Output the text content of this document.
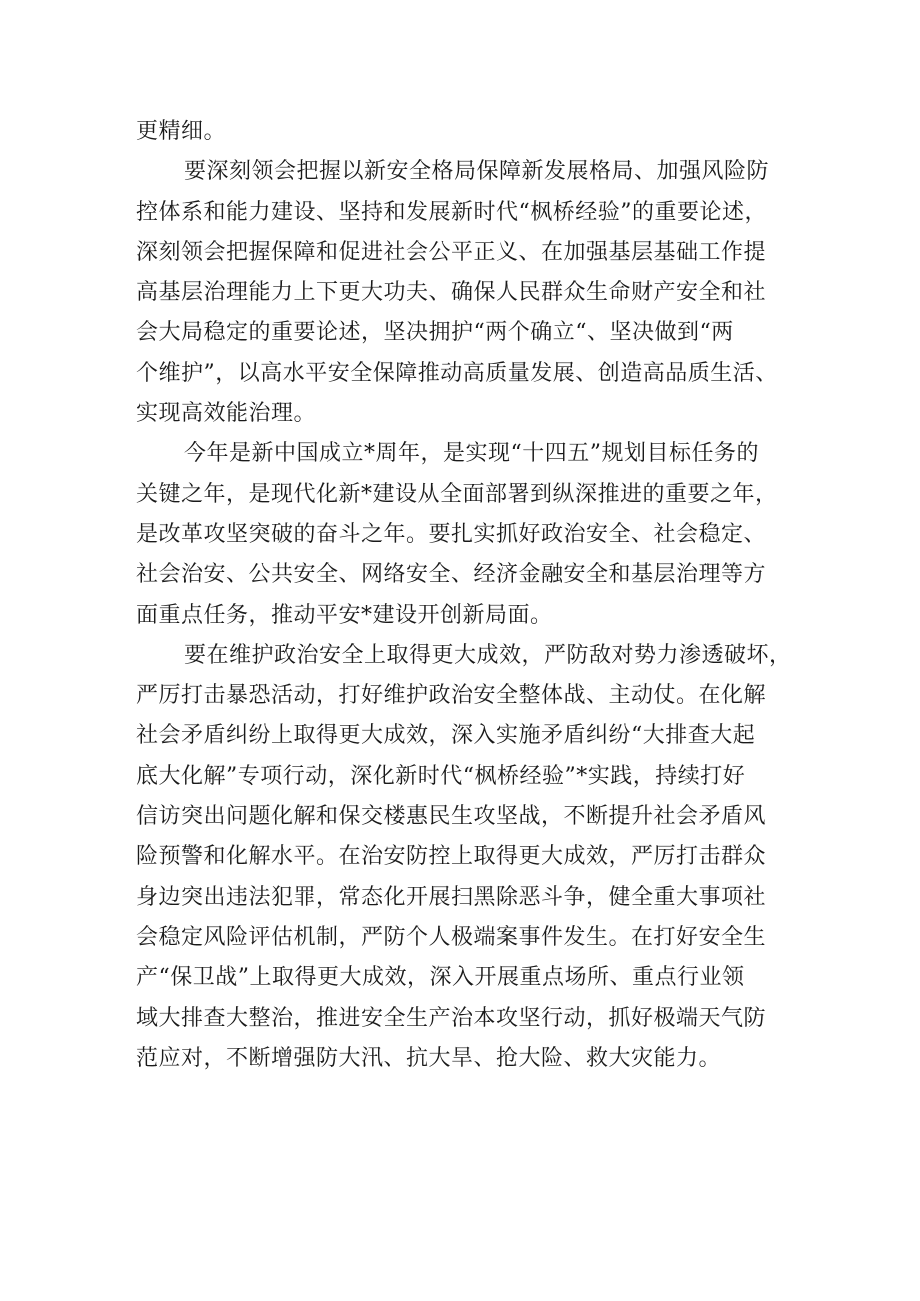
更精细。
要深刻领会把握以新安全格局保障新发展格局、加强风险防
控体系和能力建设、坚持和发展新时代“枫桥经验”的重要论述，
深刻领会把握保障和促进社会公平正义、在加强基层基础工作提
高基层治理能力上下更大功夫、确保人民群众生命财产安全和社
会大局稳定的重要论述，坚决拥护“两个确立“、坚决做到“两
个维护”，以高水平安全保障推动高质量发展、创造高品质生活、
实现高效能治理。
今年是新中国成立*周年，是实现“十四五”规划目标任务的
关键之年，是现代化新*建设从全面部署到纵深推进的重要之年，
是改革攻坚突破的奋斗之年。要扎实抓好政治安全、社会稳定、
社会治安、公共安全、网络安全、经济金融安全和基层治理等方
面重点任务，推动平安*建设开创新局面。
要在维护政治安全上取得更大成效，严防敌对势力渗透破坏，
严厉打击暴恐活动，打好维护政治安全整体战、主动仗。在化解
社会矛盾纠纷上取得更大成效，深入实施矛盾纠纷“大排查大起
底大化解”专项行动，深化新时代“枫桥经验”*实践，持续打好
信访突出问题化解和保交楼惠民生攻坚战，不断提升社会矛盾风
险预警和化解水平。在治安防控上取得更大成效，严厉打击群众
身边突出违法犯罪，常态化开展扫黑除恶斗争，健全重大事项社
会稳定风险评估机制，严防个人极端案事件发生。在打好安全生
产“保卫战”上取得更大成效，深入开展重点场所、重点行业领
域大排查大整治，推进安全生产治本攻坚行动，抓好极端天气防
范应对，不断增强防大汛、抗大旱、抢大险、救大灾能力。
